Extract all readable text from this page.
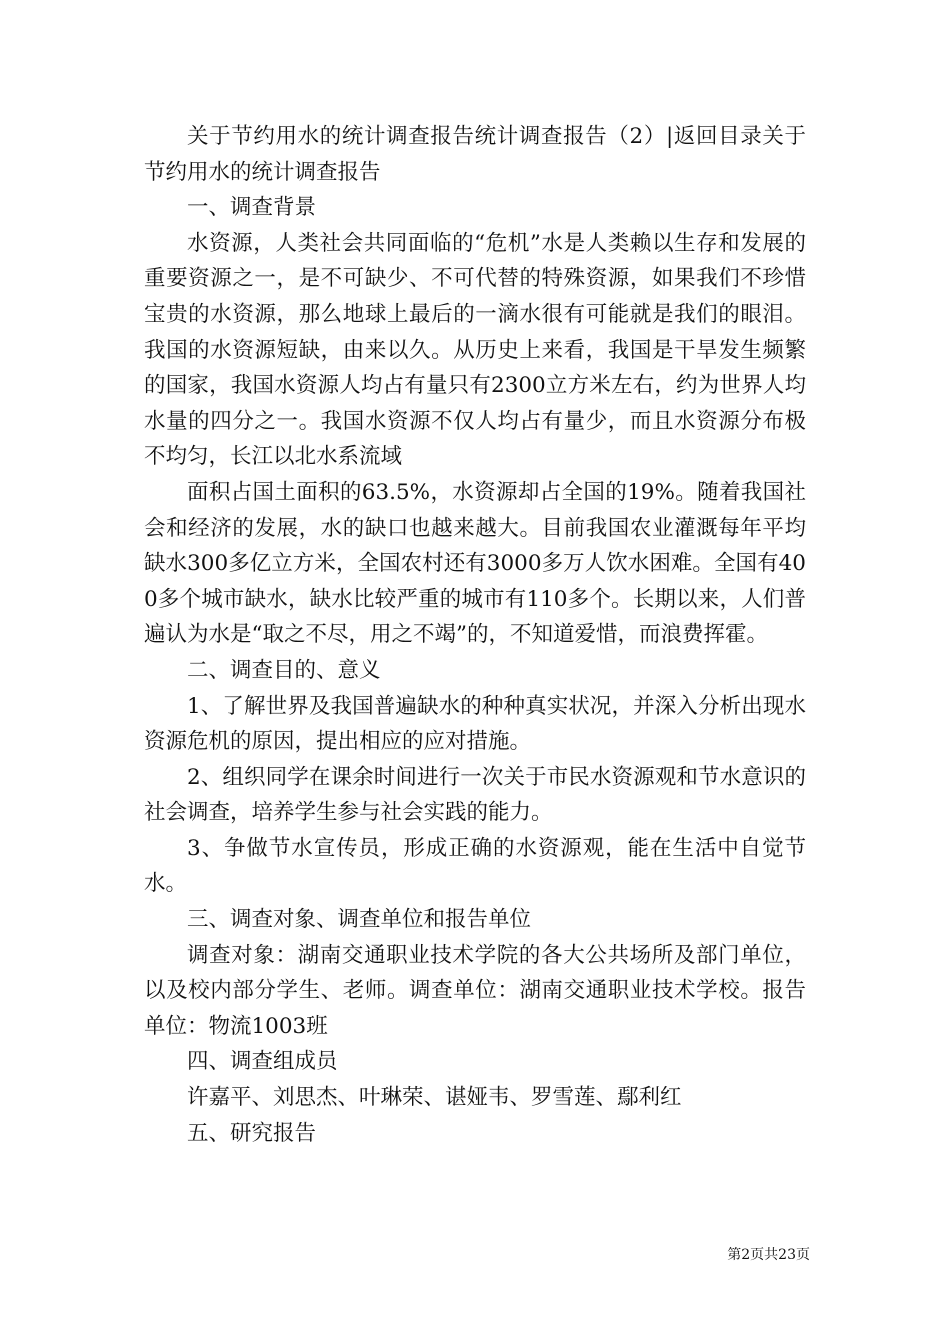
关于节约用水的统计调查报告统计调查报告（2）|返回目录关于节约用水的统计调查报告

一、调查背景

水资源，人类社会共同面临的“危机”水是人类赖以生存和发展的重要资源之一，是不可缺少、不可代替的特殊资源，如果我们不珍惜宝贵的水资源，那么地球上最后的一滴水很有可能就是我们的眼泪。我国的水资源短缺，由来以久。从历史上来看，我国是干旱发生频繁的国家，我国水资源人均占有量只有2300立方米左右，约为世界人均水量的四分之一。我国水资源不仅人均占有量少，而且水资源分布极不均匀，长江以北水系流域

面积占国土面积的63.5%，水资源却占全国的19%。随着我国社会和经济的发展，水的缺口也越来越大。目前我国农业灌溉每年平均缺水300多亿立方米，全国农村还有3000多万人饮水困难。全国有400多个城市缺水，缺水比较严重的城市有110多个。长期以来，人们普遍认为水是“取之不尽，用之不竭”的，不知道爱惜，而浪费挥霍。

二、调查目的、意义

1、了解世界及我国普遍缺水的种种真实状况，并深入分析出现水资源危机的原因，提出相应的应对措施。

2、组织同学在课余时间进行一次关于市民水资源观和节水意识的社会调查，培养学生参与社会实践的能力。

3、争做节水宣传员，形成正确的水资源观，能在生活中自觉节水。

三、调查对象、调查单位和报告单位

调查对象：湖南交通职业技术学院的各大公共场所及部门单位，以及校内部分学生、老师。调查单位：湖南交通职业技术学校。报告单位：物流1003班

四、调查组成员

许嘉平、刘思杰、叶琳荣、谌娅韦、罗雪莲、鄢利红

五、研究报告

第2页共23页
